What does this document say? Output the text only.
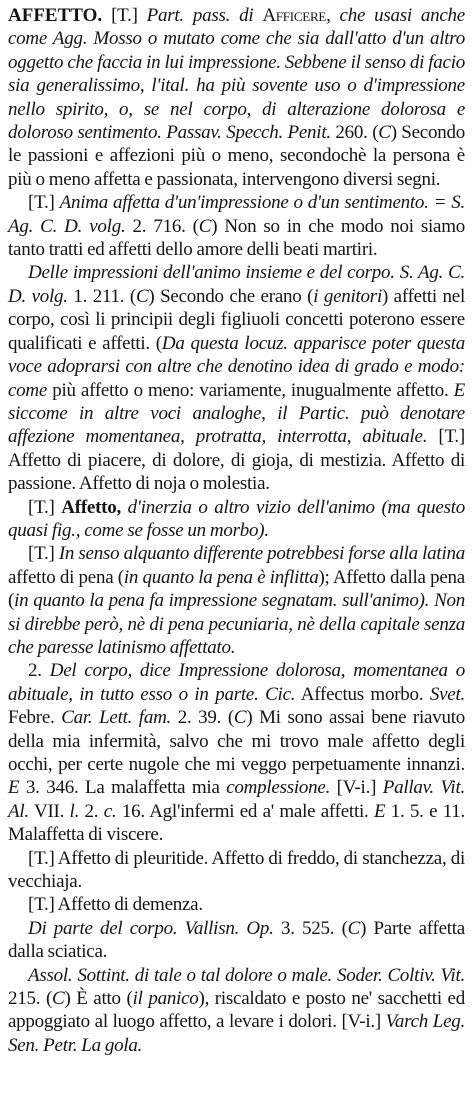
AFFETTO. [T.] Part. pass. di Afficere, che usasi anche come Agg. Mosso o mutato come che sia dall'atto d'un altro oggetto che faccia in lui impressione. Sebbene il senso di facio sia generalissimo, l'ital. ha più sovente uso o d'impressione nello spirito, o, se nel corpo, di alterazione dolorosa e doloroso sentimento. Passav. Specch. Penit. 260. (C) Secondo le passioni e affezioni più o meno, secondochè la persona è più o meno affetta e passionata, intervengono diversi segni.

[T.] Anima affetta d'un'impressione o d'un sentimento. = S. Ag. C. D. volg. 2. 716. (C) Non so in che modo noi siamo tanto tratti ed affetti dello amore delli beati martiri.

Delle impressioni dell'animo insieme e del corpo. S. Ag. C. D. volg. 1. 211. (C) Secondo che erano (i genitori) affetti nel corpo, così li principii degli figliuoli concetti poterono essere qualificati e affetti. (Da questa locuz. apparisce poter questa voce adoprarsi con altre che denotino idea di grado e modo: come più affetto o meno: variamente, inugualmente affetto. E siccome in altre voci analoghe, il Partic. può denotare affezione momentanea, protratta, interrotta, abituale. [T.] Affetto di piacere, di dolore, di gioja, di mestizia. Affetto di passione. Affetto di noja o molestia.

[T.] Affetto, d'inerzia o altro vizio dell'animo (ma questo quasi fig., come se fosse un morbo).

[T.] In senso alquanto differente potrebbesi forse alla latina affetto di pena (in quanto la pena è inflitta); Affetto dalla pena (in quanto la pena fa impressione segnatam. sull'animo). Non si direbbe però, nè di pena pecuniaria, nè della capitale senza che paresse latinismo affettato.

2. Del corpo, dice Impressione dolorosa, momentanea o abituale, in tutto esso o in parte. Cic. Affectus morbo. Svet. Febre. Car. Lett. fam. 2. 39. (C) Mi sono assai bene riavuto della mia infermità, salvo che mi trovo male affetto degli occhi, per certe nugole che mi veggo perpetuamente innanzi. E 3. 346. La malaffetta mia complessione. [V-i.] Pallav. Vit. Al. VII. l. 2. c. 16. Agl'infermi ed a' male affetti. E 1. 5. e 11. Malaffetta di viscere.

[T.] Affetto di pleuritide. Affetto di freddo, di stanchezza, di vecchiaja.

[T.] Affetto di demenza.

Di parte del corpo. Vallisn. Op. 3. 525. (C) Parte affetta dalla sciatica.

Assol. Sottint. di tale o tal dolore o male. Soder. Coltiv. Vit. 215. (C) È atto (il panico), riscaldato e posto ne' sacchetti ed appoggiato al luogo affetto, a levare i dolori. [V-i.] Varch Leg. Sen. Petr. La gola.
